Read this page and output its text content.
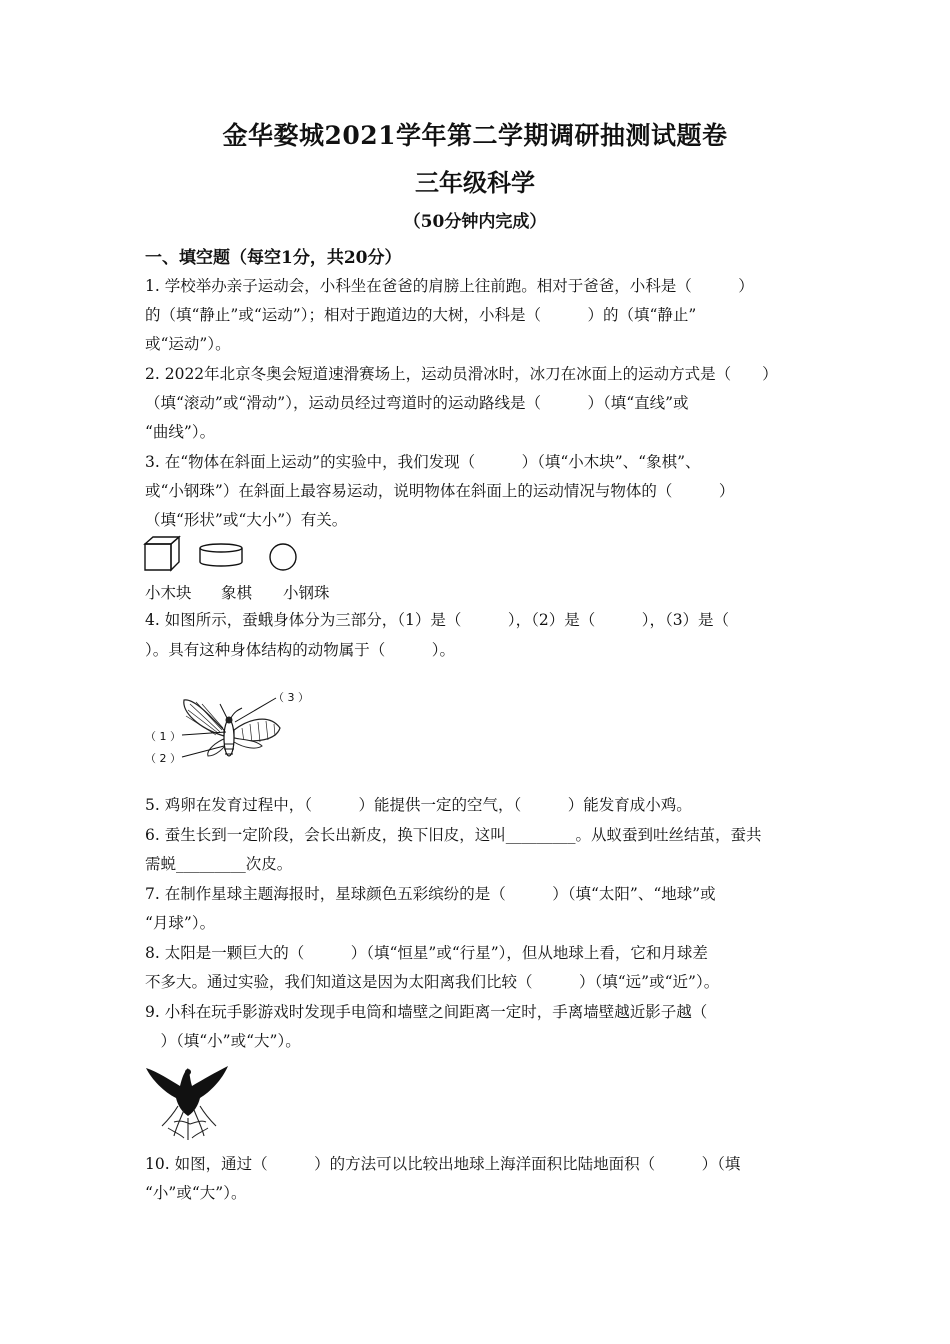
金华婺城2021学年第二学期调研抽测试题卷
三年级科学
（50分钟内完成）
一、填空题（每空1分，共20分）
1. 学校举办亲子运动会，小科坐在爸爸的肩膀上往前跑。相对于爸爸，小科是（　　　）
的（填“静止”或“运动”）；相对于跑道边的大树，小科是（　　　）的（填“静止”
或“运动”）。
2. 2022年北京冬奥会短道速滑赛场上，运动员滑冰时，冰刀在冰面上的运动方式是（　　）
（填“滚动”或“滑动”），运动员经过弯道时的运动路线是（　　　）（填“直线”或
“曲线”）。
3. 在“物体在斜面上运动”的实验中，我们发现（　　　）（填“小木块”、“象棋”、
或“小钢珠”）在斜面上最容易运动，说明物体在斜面上的运动情况与物体的（　　　）
（填“形状”或“大小”）有关。
小木块 象棋 小钢珠
4. 如图所示，蚕蛾身体分为三部分，（1）是（　　　），（2）是（　　　），（3）是（
）。具有这种身体结构的动物属于（　　　）。
（ 3 ）
（ 1 ）
（ 2 ）
5. 鸡卵在发育过程中，（　　　）能提供一定的空气，（　　　）能发育成小鸡。
6. 蚕生长到一定阶段，会长出新皮，换下旧皮，这叫_________。从蚁蚕到吐丝结茧，蚕共
需蜕_________次皮。
7. 在制作星球主题海报时，星球颜色五彩缤纷的是（　　　）（填“太阳”、“地球”或
“月球”）。
8. 太阳是一颗巨大的（　　　）（填“恒星”或“行星”），但从地球上看，它和月球差
不多大。通过实验，我们知道这是因为太阳离我们比较（　　　）（填“远”或“近”）。
9. 小科在玩手影游戏时发现手电筒和墙壁之间距离一定时，手离墙壁越近影子越（
　）（填“小”或“大”）。
10. 如图，通过（　　　）的方法可以比较出地球上海洋面积比陆地面积（　　　）（填
“小”或“大”）。
